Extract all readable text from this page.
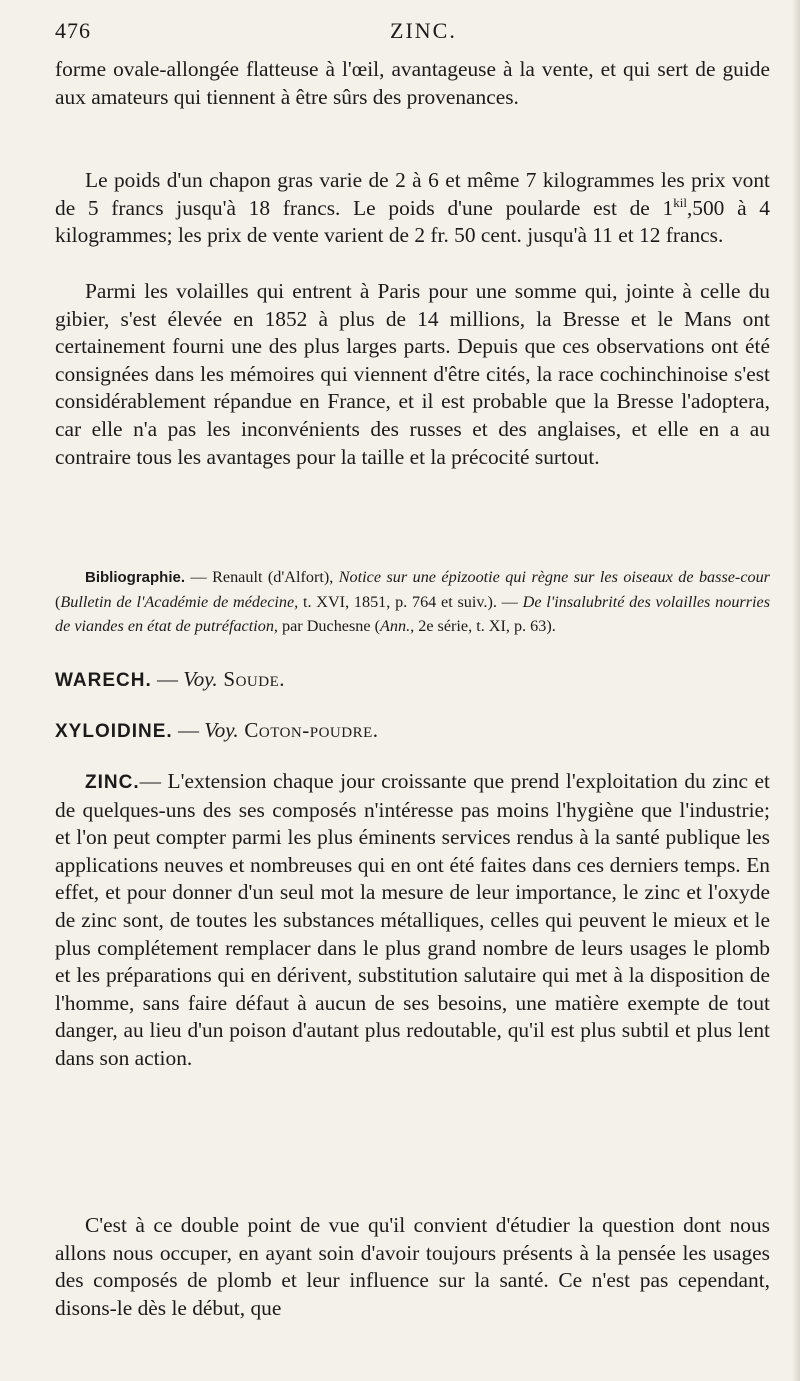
476	ZINC.

forme ovale-allongée flatteuse à l'œil, avantageuse à la vente, et qui sert de guide aux amateurs qui tiennent à être sûrs des provenances.

Le poids d'un chapon gras varie de 2 à 6 et même 7 kilogrammes les prix vont de 5 francs jusqu'à 18 francs. Le poids d'une poularde est de $1^{kil},500$ à 4 kilogrammes; les prix de vente varient de 2 fr. 50 cent. jusqu'à 11 et 12 francs.

Parmi les volailles qui entrent à Paris pour une somme qui, jointe à celle du gibier, s'est élevée en 1852 à plus de 14 millions, la Bresse et le Mans ont certainement fourni une des plus larges parts. Depuis que ces observations ont été consignées dans les mémoires qui viennent d'être cités, la race cochinchinoise s'est considérablement répandue en France, et il est probable que la Bresse l'adoptera, car elle n'a pas les inconvénients des russes et des anglaises, et elle en a au contraire tous les avantages pour la taille et la précocité surtout.

Bibliographie. — Renault (d'Alfort), Notice sur une épizootie qui règne sur les oiseaux de basse-cour (Bulletin de l'Académie de médecine, t. XVI, 1851, p. 764 et suiv.). — De l'insalubrité des volailles nourries de viandes en état de putréfaction, par Duchesne (Ann., 2e série, t. XI, p. 63).

WARECH. — Voy. Soude.

XYLOIDINE. — Voy. Coton-poudre.

ZINC.— L'extension chaque jour croissante que prend l'exploitation du zinc et de quelques-uns des ses composés n'intéresse pas moins l'hygiène que l'industrie; et l'on peut compter parmi les plus éminents services rendus à la santé publique les applications neuves et nombreuses qui en ont été faites dans ces derniers temps. En effet, et pour donner d'un seul mot la mesure de leur importance, le zinc et l'oxyde de zinc sont, de toutes les substances métalliques, celles qui peuvent le mieux et le plus complétement remplacer dans le plus grand nombre de leurs usages le plomb et les préparations qui en dérivent, substitution salutaire qui met à la disposition de l'homme, sans faire défaut à aucun de ses besoins, une matière exempte de tout danger, au lieu d'un poison d'autant plus redoutable, qu'il est plus subtil et plus lent dans son action.

C'est à ce double point de vue qu'il convient d'étudier la question dont nous allons nous occuper, en ayant soin d'avoir toujours présents à la pensée les usages des composés de plomb et leur influence sur la santé. Ce n'est pas cependant, disons-le dès le début, que
